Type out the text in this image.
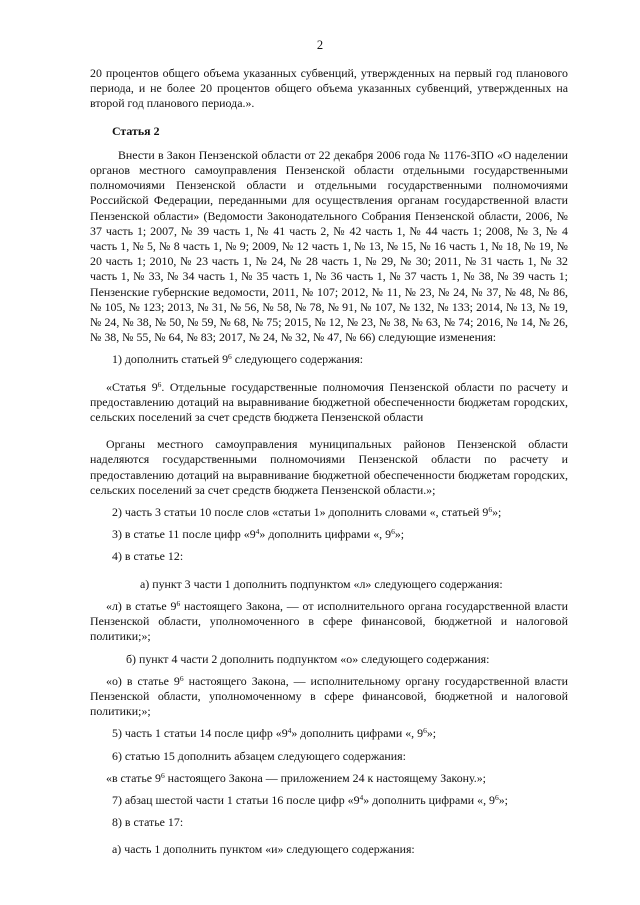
2

20 процентов общего объема указанных субвенций, утвержденных на первый год планового периода, и не более 20 процентов общего объема указанных субвенций, утвержденных на второй год планового периода.».

Статья 2

Внести в Закон Пензенской области от 22 декабря 2006 года № 1176-ЗПО «О наделении органов местного самоуправления Пензенской области отдельными государственными полномочиями Пензенской области и отдельными государственными полномочиями Российской Федерации, переданными для осуществления органам государственной власти Пензенской области» (Ведомости Законодательного Собрания Пензенской области, 2006, № 37 часть 1; 2007, № 39 часть 1, № 41 часть 2, № 42 часть 1, № 44 часть 1; 2008, № 3, № 4 часть 1, № 5, № 8 часть 1, № 9; 2009, № 12 часть 1, № 13, № 15, № 16 часть 1, № 18, № 19, № 20 часть 1; 2010, № 23 часть 1, № 24, № 28 часть 1, № 29, № 30; 2011, № 31 часть 1, № 32 часть 1, № 33, № 34 часть 1, № 35 часть 1, № 36 часть 1, № 37 часть 1, № 38, № 39 часть 1; Пензенские губернские ведомости, 2011, № 107; 2012, № 11, № 23, № 24, № 37, № 48, № 86, № 105, № 123; 2013, № 31, № 56, № 58, № 78, № 91, № 107, № 132, № 133; 2014, № 13, № 19, № 24, № 38, № 50, № 59, № 68, № 75; 2015, № 12, № 23, № 38, № 63, № 74; 2016, № 14, № 26, № 38, № 55, № 64, № 83; 2017, № 24, № 32, № 47, № 66) следующие изменения:

1) дополнить статьей $9^6$ следующего содержания:

«Статья $9^6$. Отдельные государственные полномочия Пензенской области по расчету и предоставлению дотаций на выравнивание бюджетной обеспеченности бюджетам городских, сельских поселений за счет средств бюджета Пензенской области

Органы местного самоуправления муниципальных районов Пензенской области наделяются государственными полномочиями Пензенской области по расчету и предоставлению дотаций на выравнивание бюджетной обеспеченности бюджетам городских, сельских поселений за счет средств бюджета Пензенской области.»;

2) часть 3 статьи 10 после слов «статьи 1» дополнить словами «, статьей $9^6$»;

3) в статье 11 после цифр «$9^4$» дополнить цифрами «, $9^6$»;

4) в статье 12:

а) пункт 3 части 1 дополнить подпунктом «л» следующего содержания:

«л) в статье $9^6$ настоящего Закона, — от исполнительного органа государственной власти Пензенской области, уполномоченного в сфере финансовой, бюджетной и налоговой политики;»;

б) пункт 4 части 2 дополнить подпунктом «о» следующего содержания:

«о) в статье $9^6$ настоящего Закона, — исполнительному органу государственной власти Пензенской области, уполномоченному в сфере финансовой, бюджетной и налоговой политики;»;

5) часть 1 статьи 14 после цифр «$9^4$» дополнить цифрами «, $9^6$»;

6) статью 15 дополнить абзацем следующего содержания:

«в статье $9^6$ настоящего Закона — приложением 24 к настоящему Закону.»;

7) абзац шестой части 1 статьи 16 после цифр «$9^4$» дополнить цифрами «, $9^6$»;

8) в статье 17:

а) часть 1 дополнить пунктом «и» следующего содержания:
